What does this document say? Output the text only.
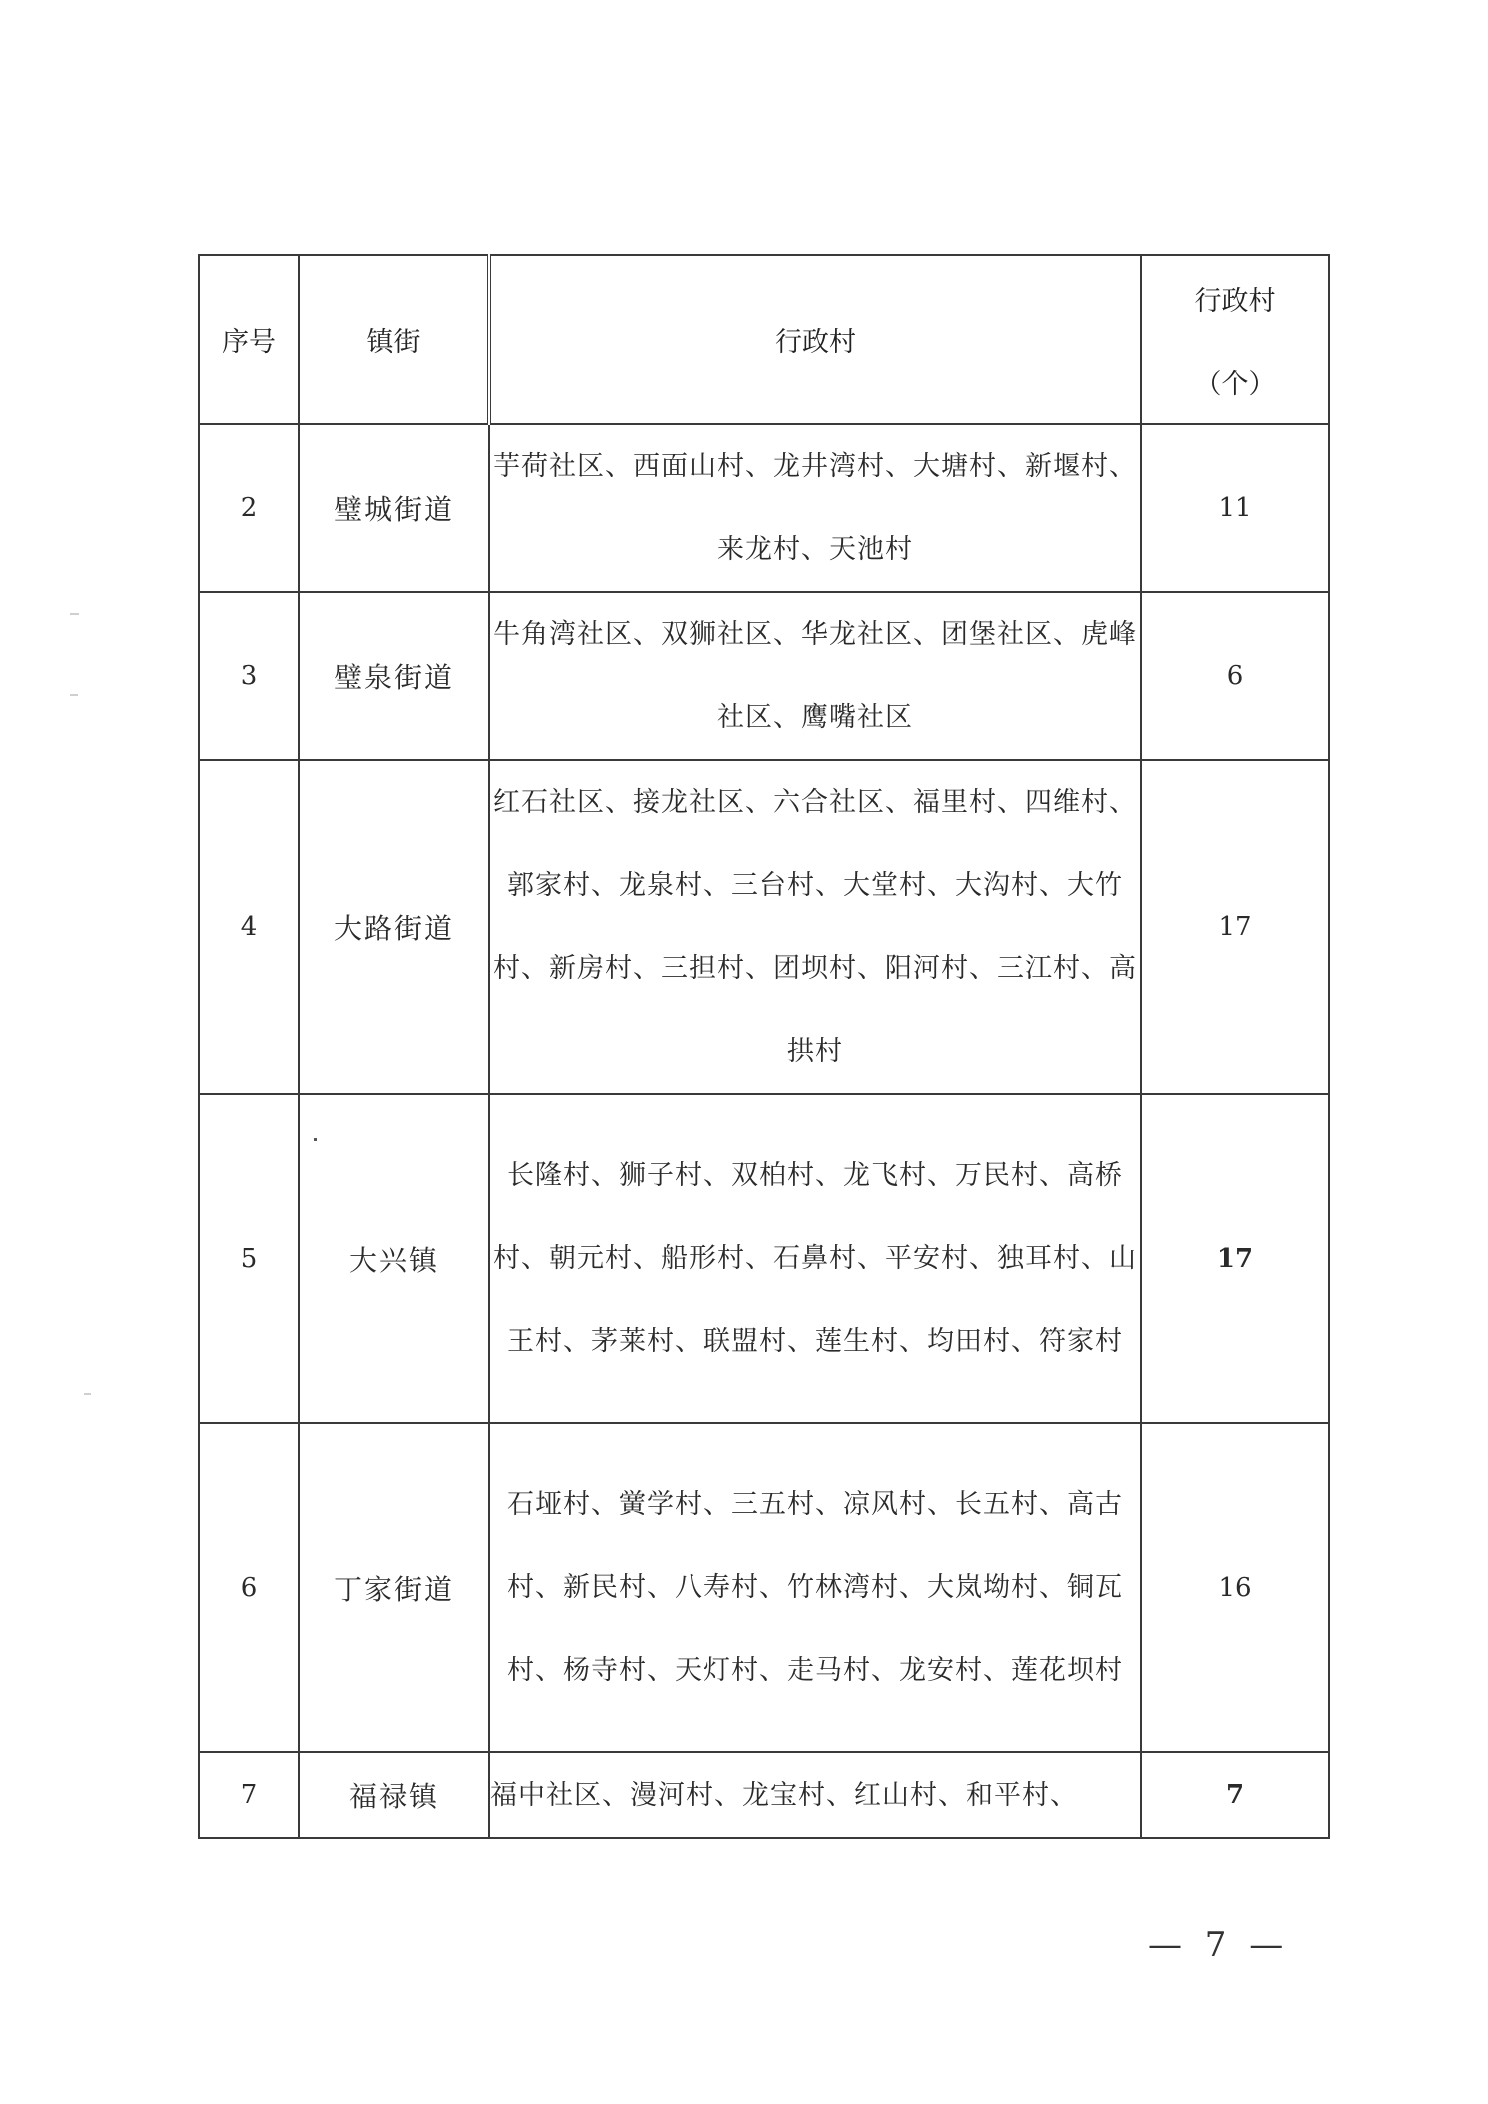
序号	镇街	行政村	行政村
（个）

2	璧城街道	芋荷社区、西面山村、龙井湾村、大塘村、新堰村、来龙村、天池村	11
3	璧泉街道	牛角湾社区、双狮社区、华龙社区、团堡社区、虎峰社区、鹰嘴社区	6
4	大路街道	红石社区、接龙社区、六合社区、福里村、四维村、郭家村、龙泉村、三台村、大堂村、大沟村、大竹村、新房村、三担村、团坝村、阳河村、三江村、高拱村	17
5	大兴镇	长隆村、狮子村、双柏村、龙飞村、万民村、高桥村、朝元村、船形村、石鼻村、平安村、独耳村、山王村、茅莱村、联盟村、莲生村、均田村、符家村	17
6	丁家街道	石垭村、黉学村、三五村、凉风村、长五村、高古村、新民村、八寿村、竹林湾村、大岚坳村、铜瓦村、杨寺村、天灯村、走马村、龙安村、莲花坝村	16
7	福禄镇	福中社区、漫河村、龙宝村、红山村、和平村、	7
— 7 —
